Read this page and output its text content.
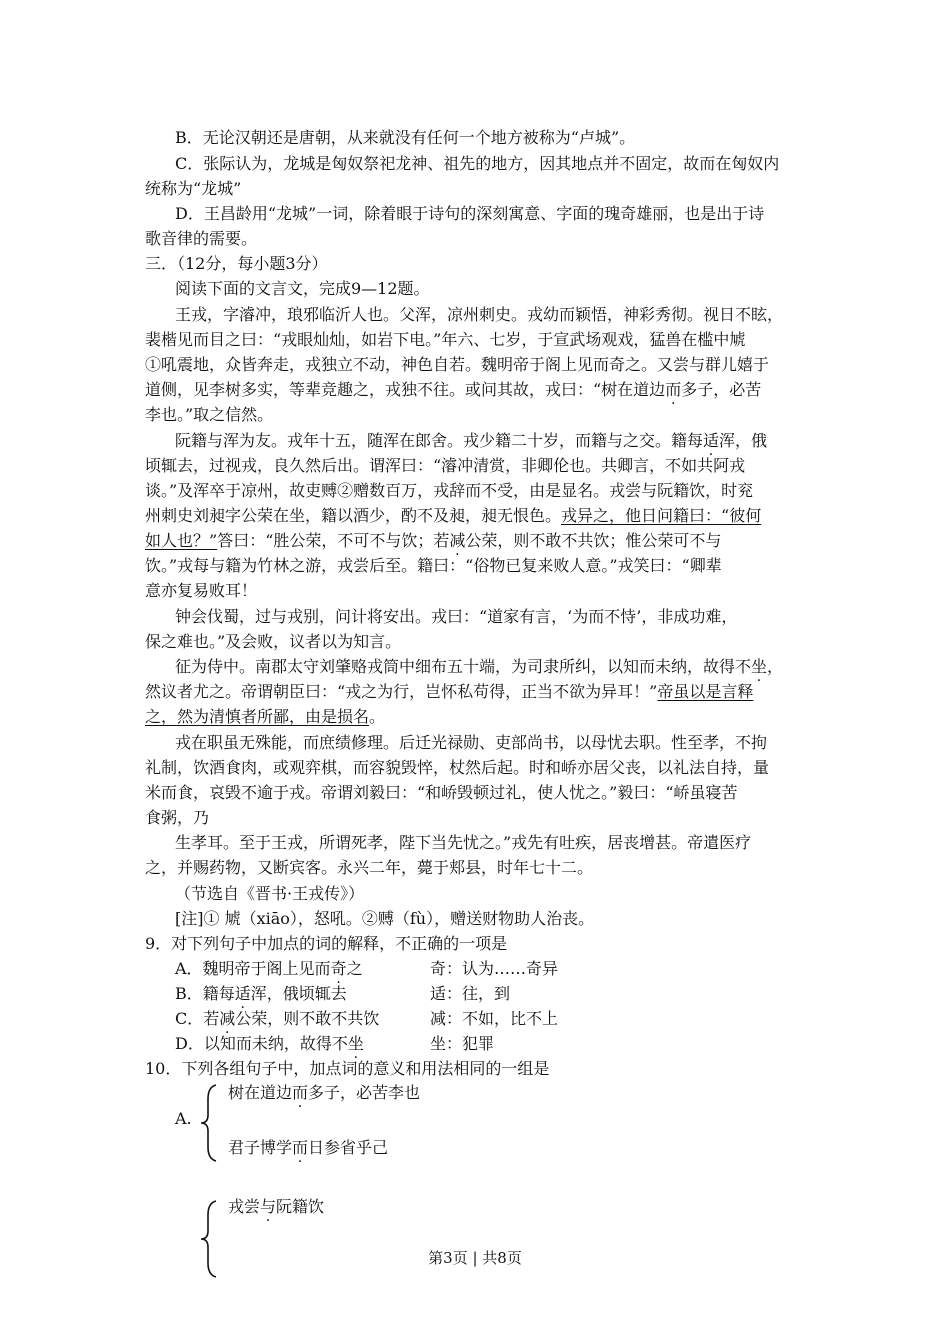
B．无论汉朝还是唐朝，从来就没有任何一个地方被称为“卢城”。
C．张际认为，龙城是匈奴祭祀龙神、祖先的地方，因其地点并不固定，故而在匈奴内
统称为“龙城”
D．王昌龄用“龙城”一词，除着眼于诗句的深刻寓意、字面的瑰奇雄丽，也是出于诗
歌音律的需要。
三．（12分，每小题3分）
阅读下面的文言文，完成9—12题。
王戎，字濬冲，琅邪临沂人也。父浑，凉州刺史。戎幼而颖悟，神彩秀彻。视日不眩，
裴楷见而目之曰：“戎眼灿灿，如岩下电。”年六、七岁，于宣武场观戏，猛兽在槛中虓
①吼震地，众皆奔走，戎独立不动，神色自若。魏明帝于阁上见而奇之。又尝与群儿嬉于
道侧，见李树多实，等辈竞趣之，戎独不往。或问其故，戎曰：“树在道边而多子，必苦
李也。”取之信然。
阮籍与浑为友。戎年十五，随浑在郎舍。戎少籍二十岁，而籍与之交。籍每适浑，俄
顷辄去，过视戎，良久然后出。谓浑曰：“濬冲清赏，非卿伦也。共卿言，不如共阿戎
谈。”及浑卒于凉州，故吏赙②赠数百万，戎辞而不受，由是显名。戎尝与阮籍饮，时兖
州刺史刘昶字公荣在坐，籍以酒少，酌不及昶，昶无恨色。戎异之，他日问籍曰：“彼何
如人也？”答曰：“胜公荣，不可不与饮；若减公荣，则不敢不共饮；惟公荣可不与
饮。”戎每与籍为竹林之游，戎尝后至。籍曰：“俗物已复来败人意。”戎笑曰：“卿辈
意亦复易败耳！
钟会伐蜀，过与戎别，问计将安出。戎曰：“道家有言，‘为而不恃’，非成功难，
保之难也。”及会败，议者以为知言。
征为侍中。南郡太守刘肇赂戎筒中细布五十端，为司隶所纠，以知而未纳，故得不坐，
然议者尤之。帝谓朝臣曰：“戎之为行，岂怀私苟得，正当不欲为异耳！”帝虽以是言释
之，然为清慎者所鄙，由是损名。
戎在职虽无殊能，而庶绩修理。后迁光禄勋、吏部尚书，以母忧去职。性至孝，不拘
礼制，饮酒食肉，或观弈棋，而容貌毁悴，杖然后起。时和峤亦居父丧，以礼法自持，量
米而食，哀毁不逾于戎。帝谓刘毅曰：“和峤毁顿过礼，使人忧之。”毅曰：“峤虽寝苦
食粥，乃
生孝耳。至于王戎，所谓死孝，陛下当先忧之。”戎先有吐疾，居丧增甚。帝遣医疗
之，并赐药物，又断宾客。永兴二年，薨于郏县，时年七十二。
（节选自《晋书·王戎传》）
[注]① 虓（xiāo），怒吼。②赙（fù），赠送财物助人治丧。
9．对下列句子中加点的词的解释，不正确的一项是
A．魏明帝于阁上见而奇之	奇：认为……奇异
B．籍每适浑，俄顷辄去	适：往，到
C．若减公荣，则不敢不共饮	减：不如，比不上
D．以知而未纳，故得不坐	坐：犯罪
10．下列各组句子中，加点词的意义和用法相同的一组是
树在道边而多子，必苦李也
A.
君子博学而日参省乎己
戎尝与阮籍饮
第3页 | 共8页
